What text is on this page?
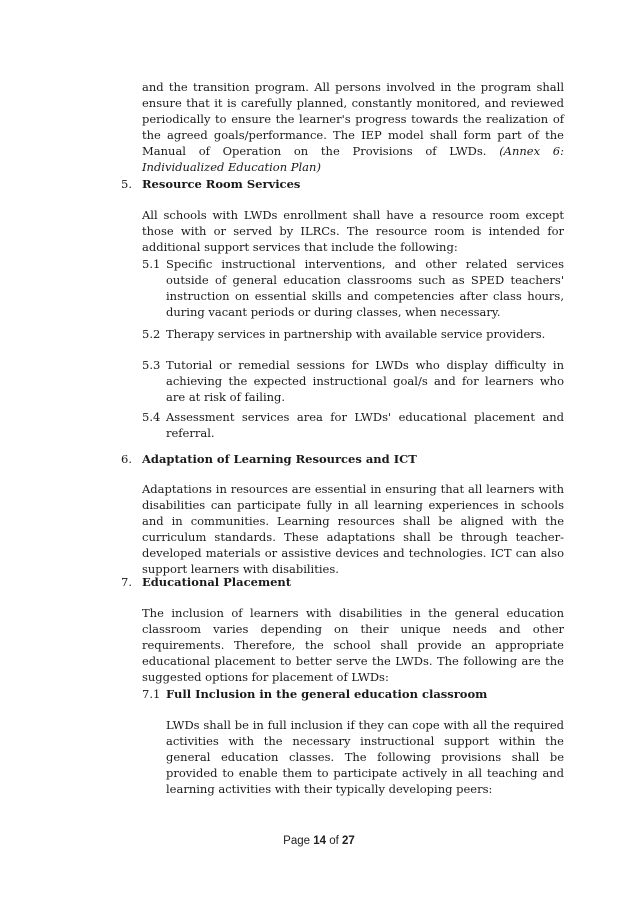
and the transition program. All persons involved in the program shall ensure that it is carefully planned, constantly monitored, and reviewed periodically to ensure the learner's progress towards the realization of the agreed goals/performance. The IEP model shall form part of the Manual of Operation on the Provisions of LWDs. (Annex 6: Individualized Education Plan)
5. Resource Room Services
All schools with LWDs enrollment shall have a resource room except those with or served by ILRCs. The resource room is intended for additional support services that include the following:
5.1 Specific instructional interventions, and other related services outside of general education classrooms such as SPED teachers' instruction on essential skills and competencies after class hours, during vacant periods or during classes, when necessary.
5.2 Therapy services in partnership with available service providers.
5.3 Tutorial or remedial sessions for LWDs who display difficulty in achieving the expected instructional goal/s and for learners who are at risk of failing.
5.4 Assessment services area for LWDs' educational placement and referral.
6. Adaptation of Learning Resources and ICT
Adaptations in resources are essential in ensuring that all learners with disabilities can participate fully in all learning experiences in schools and in communities. Learning resources shall be aligned with the curriculum standards. These adaptations shall be through teacher-developed materials or assistive devices and technologies. ICT can also support learners with disabilities.
7. Educational Placement
The inclusion of learners with disabilities in the general education classroom varies depending on their unique needs and other requirements. Therefore, the school shall provide an appropriate educational placement to better serve the LWDs. The following are the suggested options for placement of LWDs:
7.1 Full Inclusion in the general education classroom
LWDs shall be in full inclusion if they can cope with all the required activities with the necessary instructional support within the general education classes. The following provisions shall be provided to enable them to participate actively in all teaching and learning activities with their typically developing peers:
Page 14 of 27
